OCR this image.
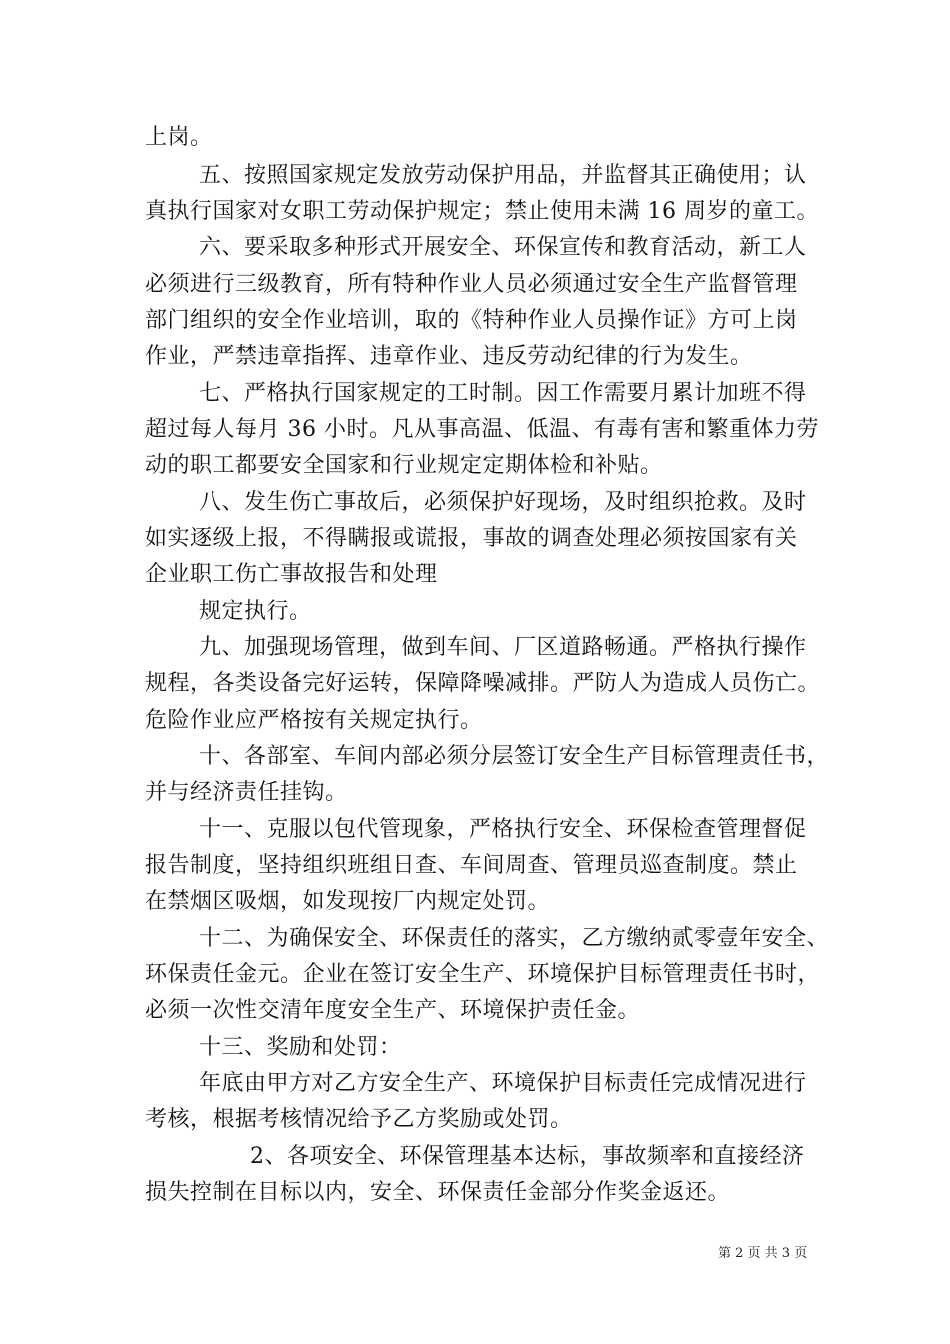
上岗。
五、按照国家规定发放劳动保护用品，并监督其正确使用；认
真执行国家对女职工劳动保护规定；禁止使用未满 16 周岁的童工。
六、要采取多种形式开展安全、环保宣传和教育活动，新工人
必须进行三级教育，所有特种作业人员必须通过安全生产监督管理
部门组织的安全作业培训，取的《特种作业人员操作证》方可上岗
作业，严禁违章指挥、违章作业、违反劳动纪律的行为发生。
七、严格执行国家规定的工时制。因工作需要月累计加班不得
超过每人每月 36 小时。凡从事高温、低温、有毒有害和繁重体力劳
动的职工都要安全国家和行业规定定期体检和补贴。
八、发生伤亡事故后，必须保护好现场，及时组织抢救。及时
如实逐级上报，不得瞒报或谎报，事故的调查处理必须按国家有关
企业职工伤亡事故报告和处理
规定执行。
九、加强现场管理，做到车间、厂区道路畅通。严格执行操作
规程，各类设备完好运转，保障降噪减排。严防人为造成人员伤亡。
危险作业应严格按有关规定执行。
十、各部室、车间内部必须分层签订安全生产目标管理责任书，
并与经济责任挂钩。
十一、克服以包代管现象，严格执行安全、环保检查管理督促
报告制度，坚持组织班组日查、车间周查、管理员巡查制度。禁止
在禁烟区吸烟，如发现按厂内规定处罚。
十二、为确保安全、环保责任的落实，乙方缴纳贰零壹年安全、
环保责任金元。企业在签订安全生产、环境保护目标管理责任书时，
必须一次性交清年度安全生产、环境保护责任金。
十三、奖励和处罚：
年底由甲方对乙方安全生产、环境保护目标责任完成情况进行
考核，根据考核情况给予乙方奖励或处罚。
2、各项安全、环保管理基本达标，事故频率和直接经济
损失控制在目标以内，安全、环保责任金部分作奖金返还。
第 2 页 共 3 页
